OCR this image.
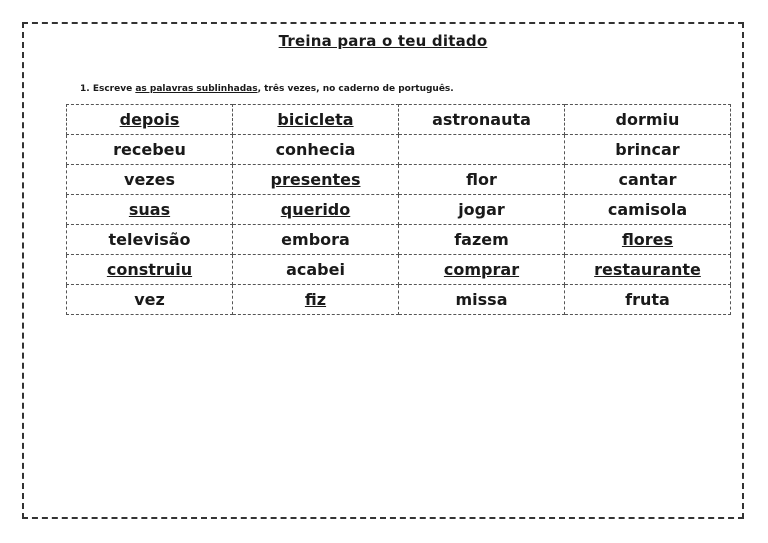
Treina para o teu ditado
1. Escreve as palavras sublinhadas, três vezes, no caderno de português.
depois	bicicleta	astronauta	dormiu
recebeu	conhecia		brincar
vezes	presentes	flor	cantar
suas	querido	jogar	camisola
televisão	embora	fazem	flores
construiu	acabei	comprar	restaurante
vez	fiz	missa	fruta
